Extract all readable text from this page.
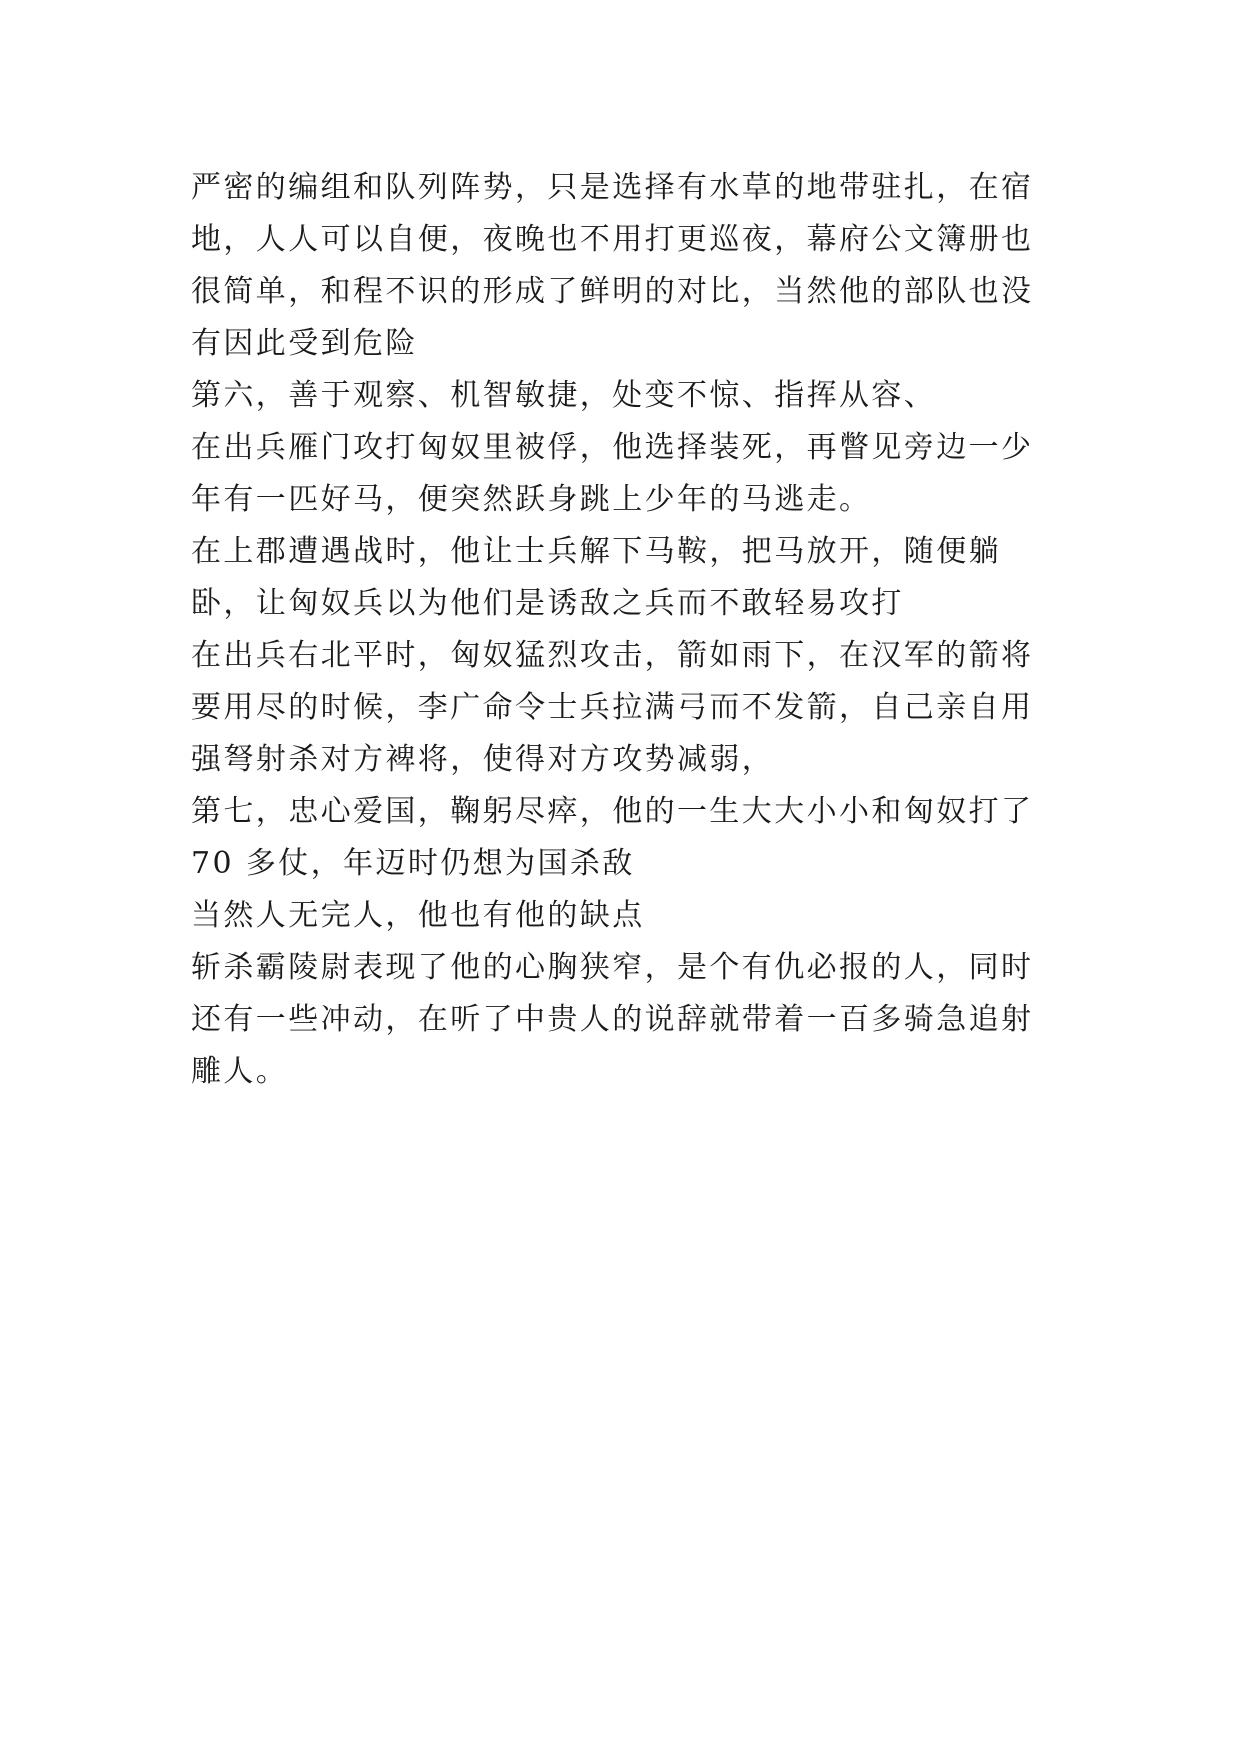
严密的编组和队列阵势，只是选择有水草的地带驻扎，在宿地，人人可以自便，夜晚也不用打更巡夜，幕府公文簿册也很简单，和程不识的形成了鲜明的对比，当然他的部队也没有因此受到危险

第六，善于观察、机智敏捷，处变不惊、指挥从容、

在出兵雁门攻打匈奴里被俘，他选择装死，再瞥见旁边一少年有一匹好马，便突然跃身跳上少年的马逃走。

在上郡遭遇战时，他让士兵解下马鞍，把马放开，随便躺卧，让匈奴兵以为他们是诱敌之兵而不敢轻易攻打

在出兵右北平时，匈奴猛烈攻击，箭如雨下，在汉军的箭将要用尽的时候，李广命令士兵拉满弓而不发箭，自己亲自用强弩射杀对方裨将，使得对方攻势减弱，

第七，忠心爱国，鞠躬尽瘁，他的一生大大小小和匈奴打了70 多仗，年迈时仍想为国杀敌

当然人无完人，他也有他的缺点

斩杀霸陵尉表现了他的心胸狭窄，是个有仇必报的人，同时还有一些冲动，在听了中贵人的说辞就带着一百多骑急追射雕人。
